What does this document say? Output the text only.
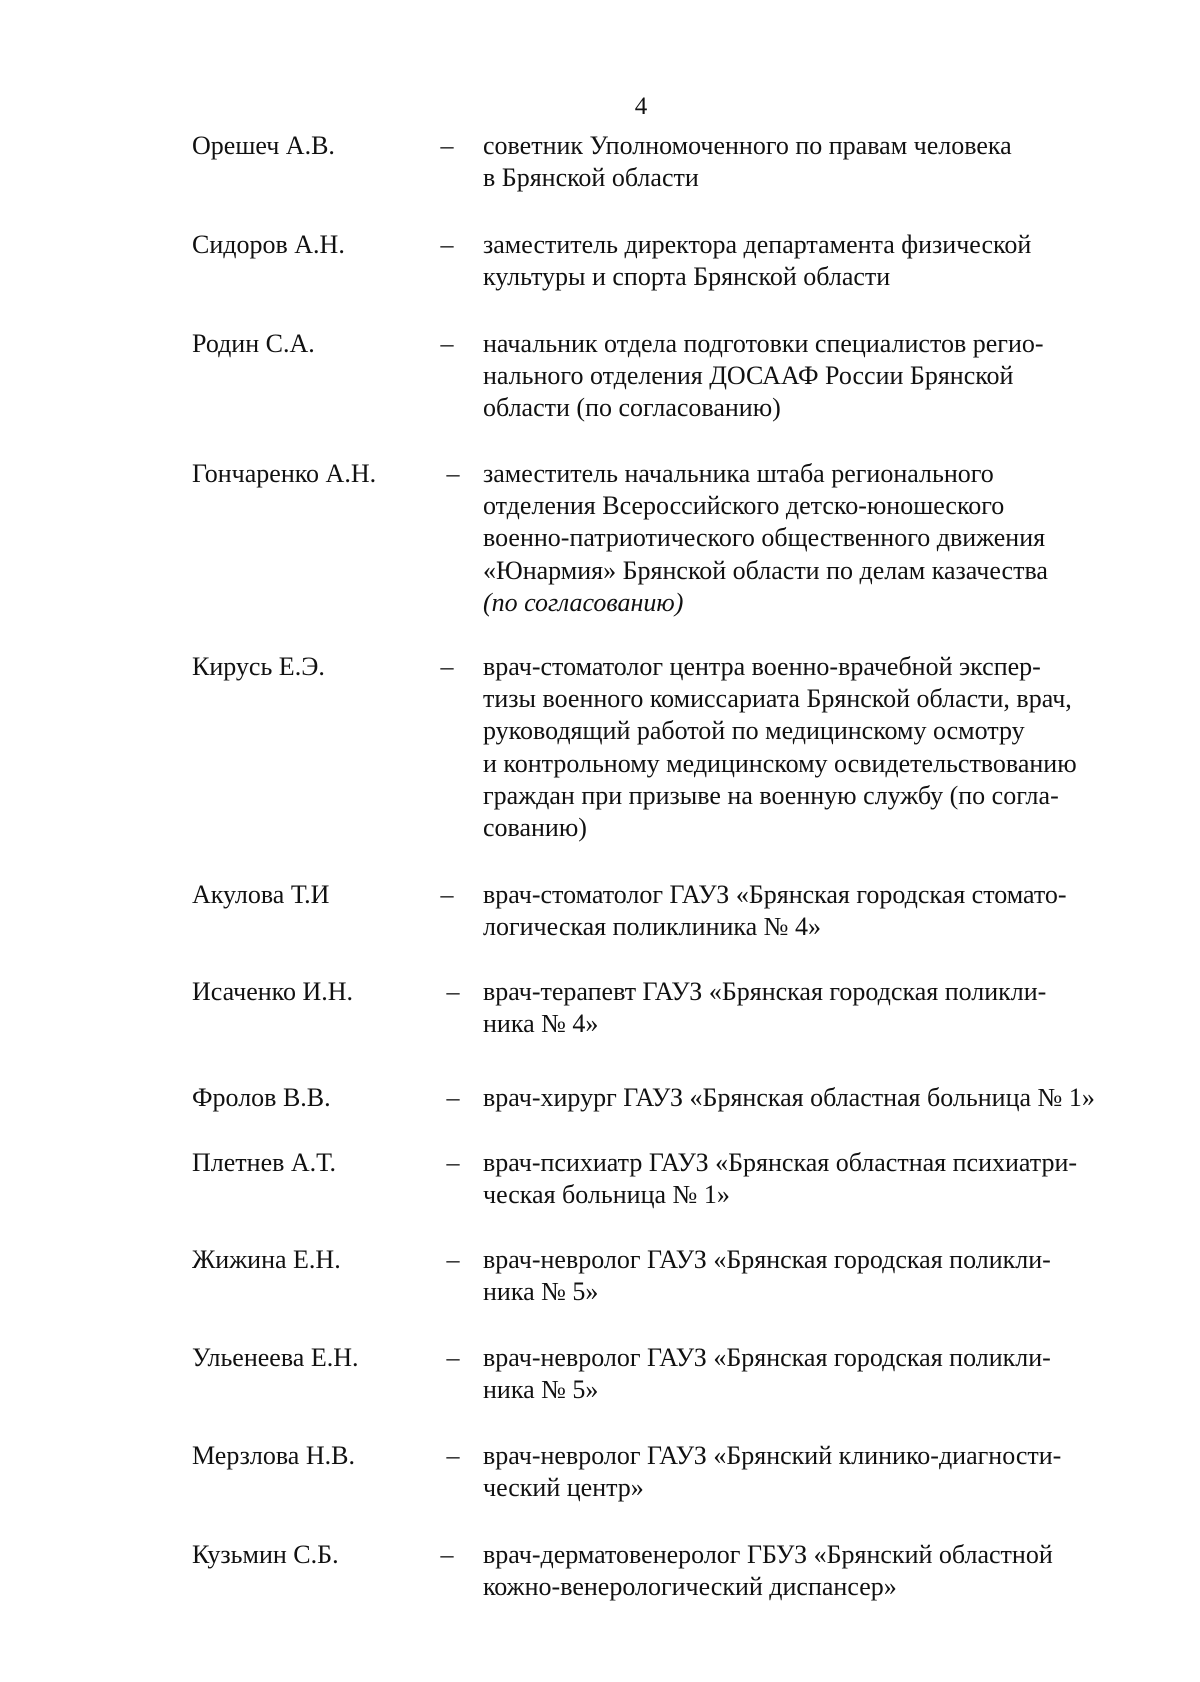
4
Орешеч А.В.	– советник Уполномоченного по правам человека
в Брянской области
Сидоров А.Н.	– заместитель директора департамента физической
культуры и спорта Брянской области
Родин С.А.	– начальник отдела подготовки специалистов регио-
нального отделения ДОСААФ России Брянской
области (по согласованию)
Гончаренко А.Н.	– заместитель начальника штаба регионального
отделения Всероссийского детско-юношеского
военно-патриотического общественного движения
«Юнармия» Брянской области по делам казачества
(по согласованию)
Кирусь Е.Э.	– врач-стоматолог центра военно-врачебной экспер-
тизы военного комиссариата Брянской области, врач,
руководящий работой по медицинскому осмотру
и контрольному медицинскому освидетельствованию
граждан при призыве на военную службу (по согла-
сованию)
Акулова Т.И	– врач-стоматолог ГАУЗ «Брянская городская стомато-
логическая поликлиника № 4»
Исаченко И.Н.	– врач-терапевт ГАУЗ «Брянская городская поликли-
ника № 4»
Фролов В.В.	– врач-хирург ГАУЗ «Брянская областная больница № 1»
Плетнев А.Т.	– врач-психиатр ГАУЗ «Брянская областная психиатри-
ческая больница № 1»
Жижина Е.Н.	– врач-невролог ГАУЗ «Брянская городская поликли-
ника № 5»
Ульенеева Е.Н.	– врач-невролог ГАУЗ «Брянская городская поликли-
ника № 5»
Мерзлова Н.В.	– врач-невролог ГАУЗ «Брянский клинико-диагности-
ческий центр»
Кузьмин С.Б.	– врач-дерматовенеролог ГБУЗ «Брянский областной
кожно-венерологический диспансер»
